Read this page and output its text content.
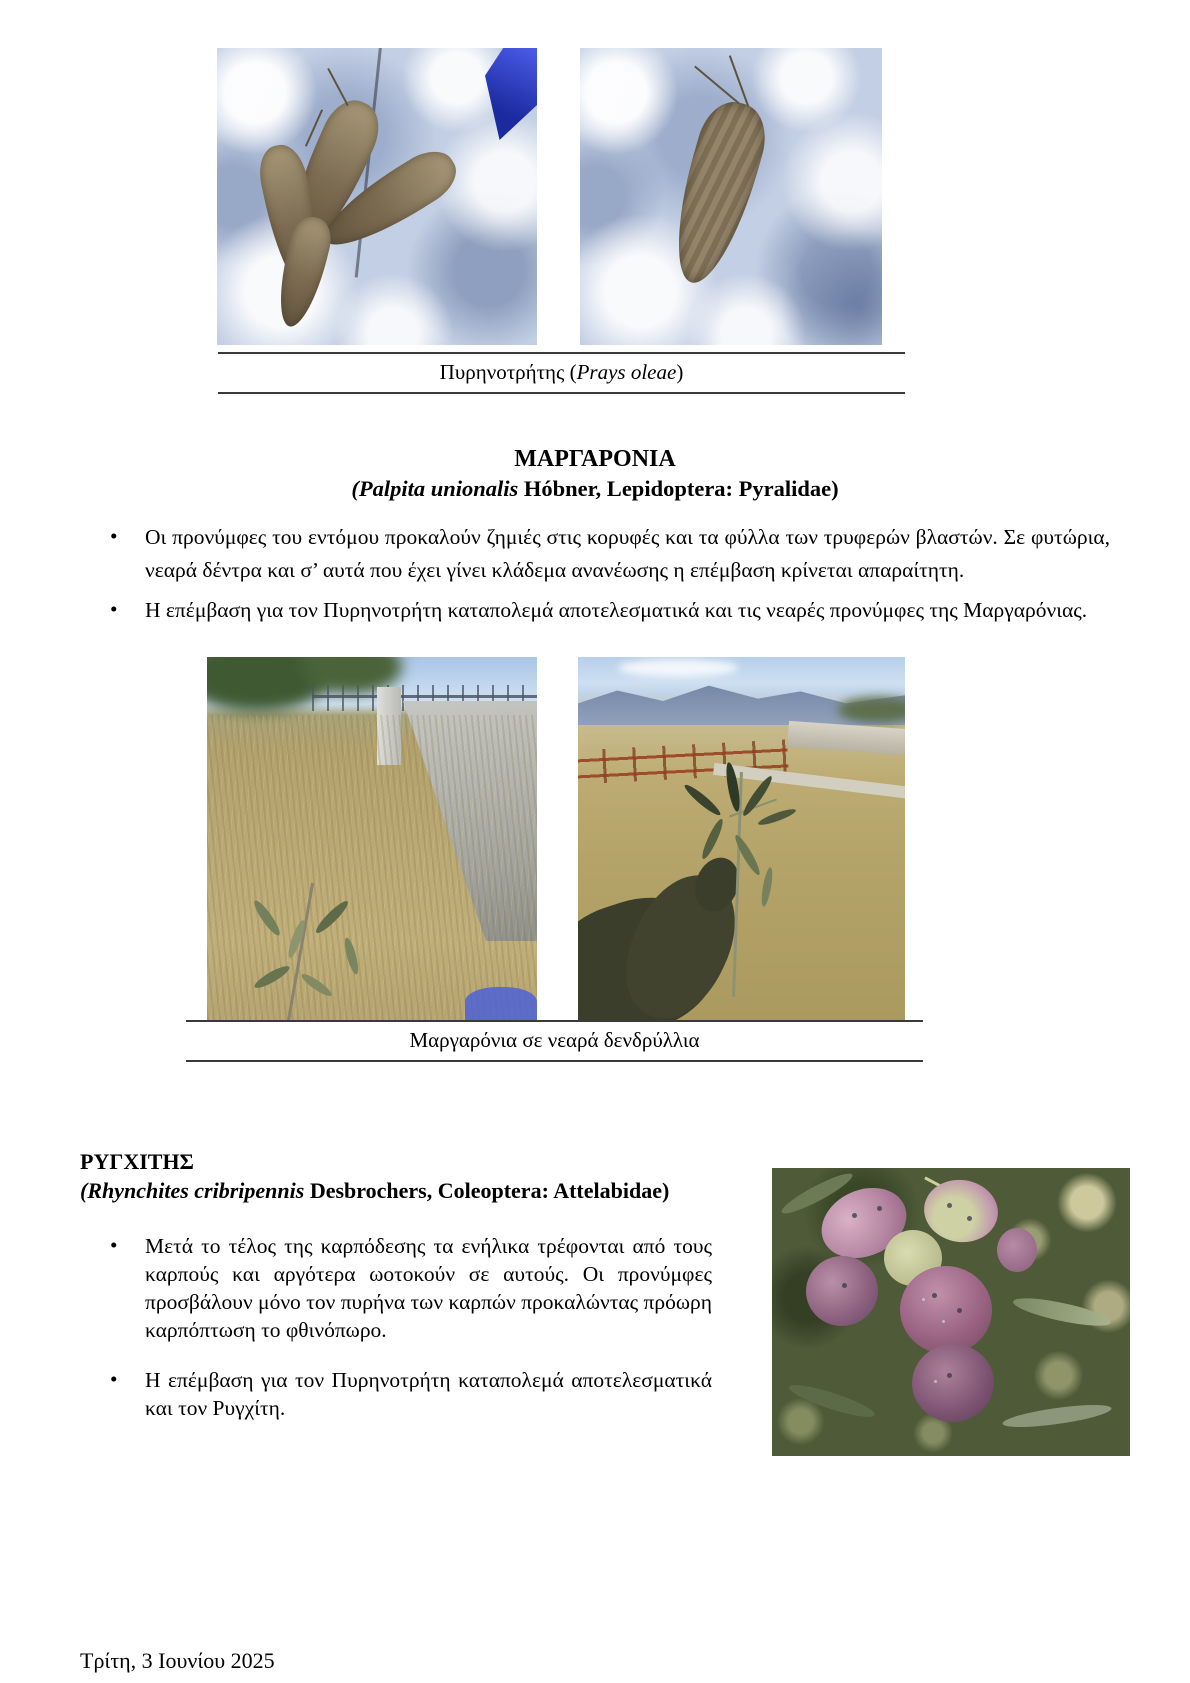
Πυρηνοτρήτης (Prays oleae)
ΜΑΡΓΑΡΟΝΙΑ
(Palpita unionalis Hóbner, Lepidoptera: Pyralidae)
• Οι προνύμφες του εντόμου προκαλούν ζημιές στις κορυφές και τα φύλλα των τρυφερών βλαστών. Σε φυτώρια, νεαρά δέντρα και σ’ αυτά που έχει γίνει κλάδεμα ανανέωσης η επέμβαση κρίνεται απαραίτητη.
• Η επέμβαση για τον Πυρηνοτρήτη καταπολεμά αποτελεσματικά και τις νεαρές προνύμφες της Μαργαρόνιας.
Μαργαρόνια σε νεαρά δενδρύλλια
ΡΥΓΧΙΤΗΣ
(Rhynchites cribripennis Desbrochers, Coleoptera: Attelabidae)
• Μετά το τέλος της καρπόδεσης τα ενήλικα τρέφονται από τους καρπούς και αργότερα ωοτοκούν σε αυτούς. Οι προνύμφες προσβάλουν μόνο τον πυρήνα των καρπών προκαλώντας πρόωρη καρπόπτωση το φθινόπωρο.
• Η επέμβαση για τον Πυρηνοτρήτη καταπολεμά αποτελεσματικά και τον Ρυγχίτη.
Τρίτη, 3 Ιουνίου 2025
